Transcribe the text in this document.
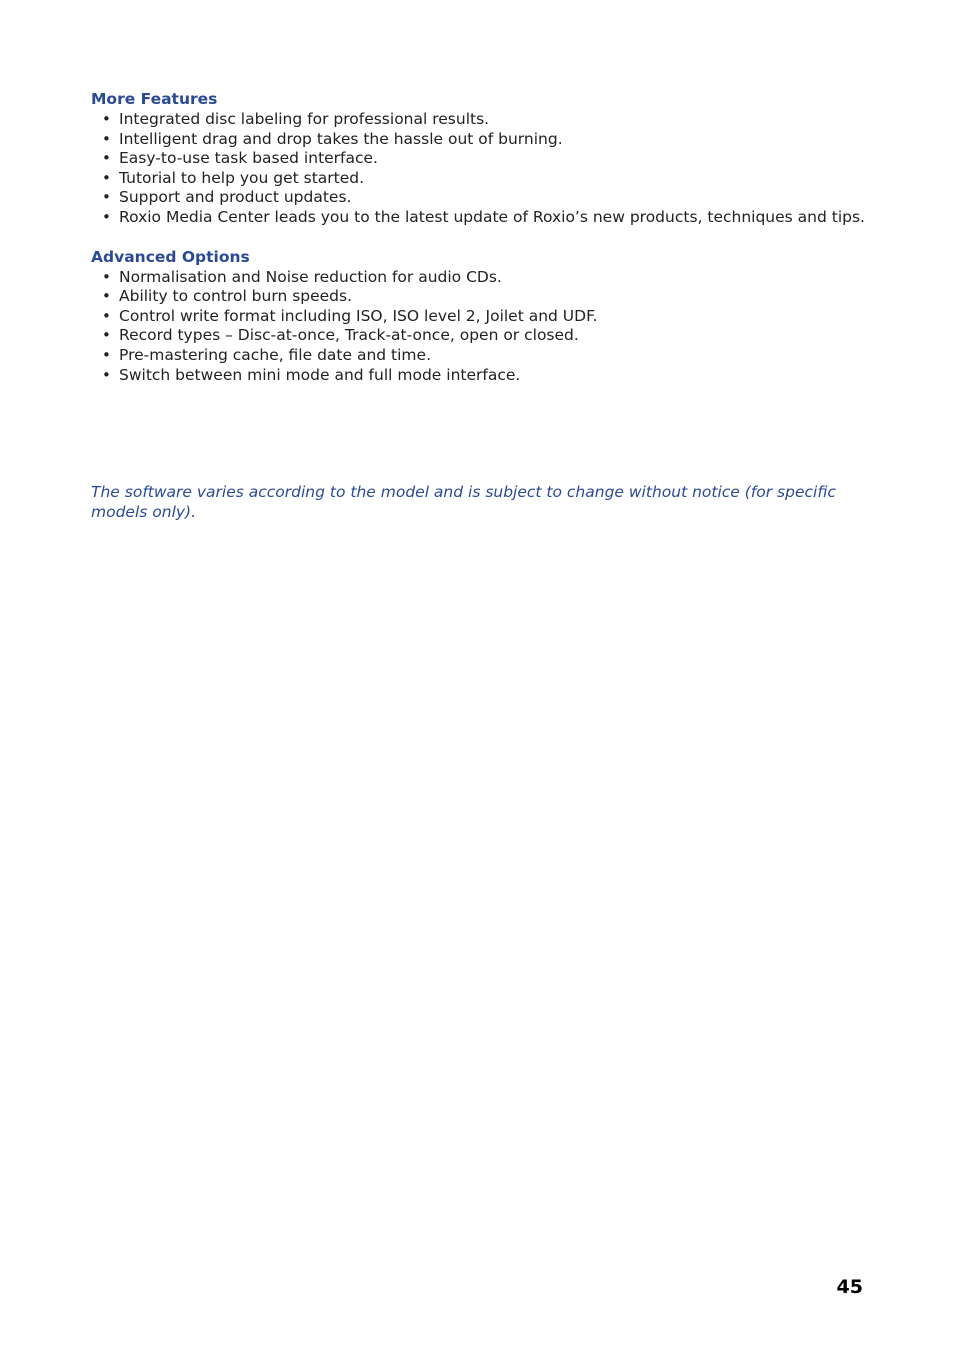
More Features
• Integrated disc labeling for professional results.
• Intelligent drag and drop takes the hassle out of burning.
• Easy-to-use task based interface.
• Tutorial to help you get started.
• Support and product updates.
• Roxio Media Center leads you to the latest update of Roxio’s new products, techniques and tips.
Advanced Options
• Normalisation and Noise reduction for audio CDs.
• Ability to control burn speeds.
• Control write format including ISO, ISO level 2, Joilet and UDF.
• Record types – Disc-at-once, Track-at-once, open or closed.
• Pre-mastering cache, file date and time.
• Switch between mini mode and full mode interface.

The software varies according to the model and is subject to change without notice (for specific models only).

45
